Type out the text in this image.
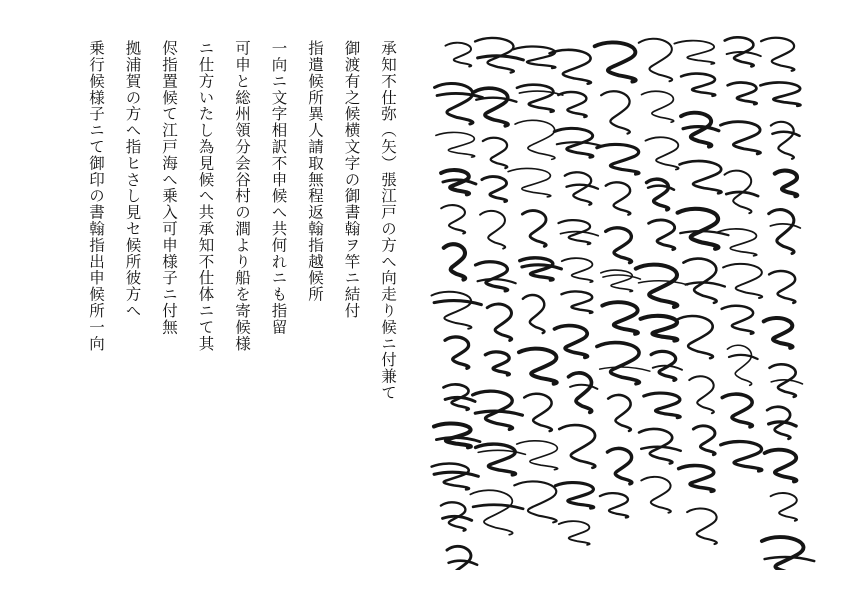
承知不仕弥（矢）張江戸の方へ向走り候ニ付兼て
御渡有之候横文字の御書翰ヲ竿ニ結付
指遣候所異人請取無程返翰指越候所
一向ニ文字相訳不申候へ共何れニも指留
可申と総州領分会谷村の澗より船を寄候様
ニ仕方いたし為見候へ共承知不仕体ニて其
侭指置候て江戸海へ乗入可申様子ニ付無
拠浦賀の方へ指ヒさし見セ候所彼方へ
乗行候様子ニて御印の書翰指出申候所一向
